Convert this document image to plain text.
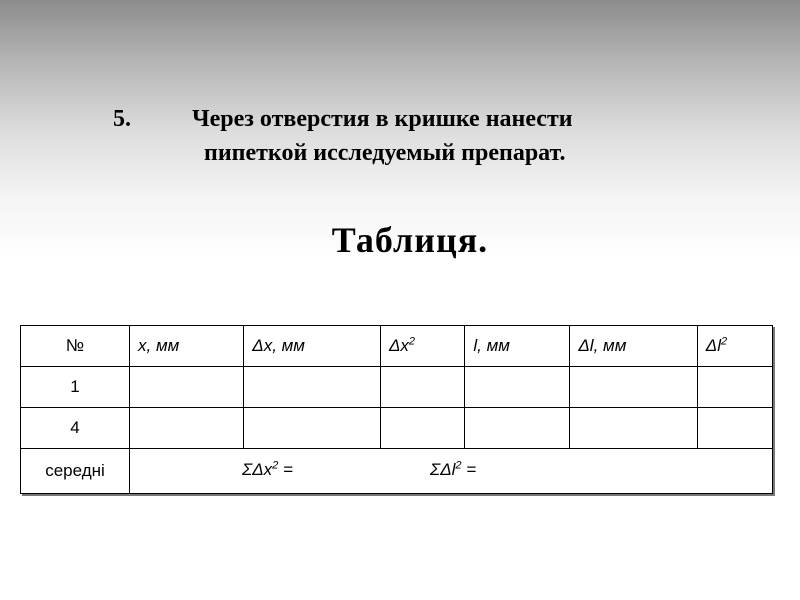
5.	Через отверстия в кришке нанести
пипеткой исследуемый препарат.
Таблиця.
№	x, мм	Δx, мм	$\Delta x^2$	l, мм	Δl, мм	$\Delta l^2$
1						
4						
середні	ΣΔx$^2$ = ΣΔl$^2$ =					
